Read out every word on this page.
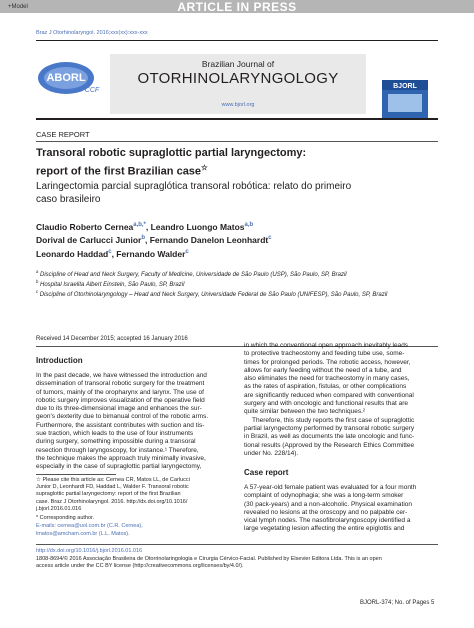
ARTICLE IN PRESS
+Model
Braz J Otorhinolaryngol. 2016;xxx(xx):xxx-xxx
ABORL
CCF
Brazilian Journal of
OTORHINOLARYNGOLOGY
www.bjorl.org
BJORL
CASE REPORT
Transoral robotic supraglottic partial laryngectomy:
report of the first Brazilian case☆
Laringectomia parcial supraglótica transoral robótica: relato do primeiro
caso brasileiro
Claudio Roberto Cernea$^{a,b,*}$, Leandro Luongo Matos$^{a,b}$
Dorival de Carlucci Junior$^b$, Fernando Danelon Leonhardt$^c$
Leonardo Haddad$^c$, Fernando Walder$^c$
$^a$ Discipline of Head and Neck Surgery, Faculty of Medicine, Universidade de São Paulo (USP), São Paulo, SP, Brazil
$^b$ Hospital Israelita Albert Einstein, São Paulo, SP, Brazil
$^c$ Discipline of Otorhinolaryngology – Head and Neck Surgery, Universidade Federal de São Paulo (UNIFESP), São Paulo, SP, Brazil
Received 14 December 2015; accepted 16 January 2016
Introduction
In the past decade, we have witnessed the introduction and
dissemination of transoral robotic surgery for the treatment
of tumors, mainly of the oropharynx and larynx. The use of
robotic surgery improves visualization of the operative field
due to its three-dimensional image and enhances the sur-
geon's dexterity due to bimanual control of the robotic arms.
Furthermore, the assistant contributes with suction and tis-
sue traction, which leads to the use of four instruments
during surgery, something impossible during a transoral
resection through laryngoscopy, for instance.¹ Therefore,
the technique makes the approach truly minimally invasive,
especially in the case of supraglottic partial laryngectomy,
☆ Please cite this article as: Cernea CR, Matos LL, de Carlucci
Junior D, Leonhardt FD, Haddad L, Walder F. Transoral robotic
supraglottic partial laryngectomy: report of the first Brazilian
case. Braz J Otorhinolaryngol. 2016. http://dx.doi.org/10.1016/
j.bjorl.2016.01.016
* Corresponding author.
E-mails: cernea@uol.com.br (C.R. Cernea),
lmatos@amcham.com.br (L.L. Matos).
in which the conventional open approach inevitably leads
to protective tracheostomy and feeding tube use, some-
times for prolonged periods. The robotic access, however,
allows for early feeding without the need of a tube, and
also eliminates the need for tracheostomy in many cases,
as the rates of aspiration, fistulas, or other complications
are significantly reduced when compared with conventional
surgery and with oncologic and functional results that are
quite similar between the two techniques.²
Therefore, this study reports the first case of supraglottic
partial laryngectomy performed by transoral robotic surgery
in Brazil, as well as documents the late oncologic and func-
tional results (Approved by the Research Ethics Committee
under No. 228/14).
Case report
A 57-year-old female patient was evaluated for a four month
complaint of odynophagia; she was a long-term smoker
(30 pack-years) and a non-alcoholic. Physical examination
revealed no lesions at the oroscopy and no palpable cer-
vical lymph nodes. The nasofibrolaryngoscopy identified a
large vegetating lesion affecting the entire epiglottis and
http://dx.doi.org/10.1016/j.bjorl.2016.01.016
1808-8694/© 2016 Associação Brasileira de Otorrinolaringologia e Cirurgia Cérvico-Facial. Published by Elsevier Editora Ltda. This is an open
access article under the CC BY license (http://creativecommons.org/licenses/by/4.0/).
BJORL-374; No. of Pages 5
